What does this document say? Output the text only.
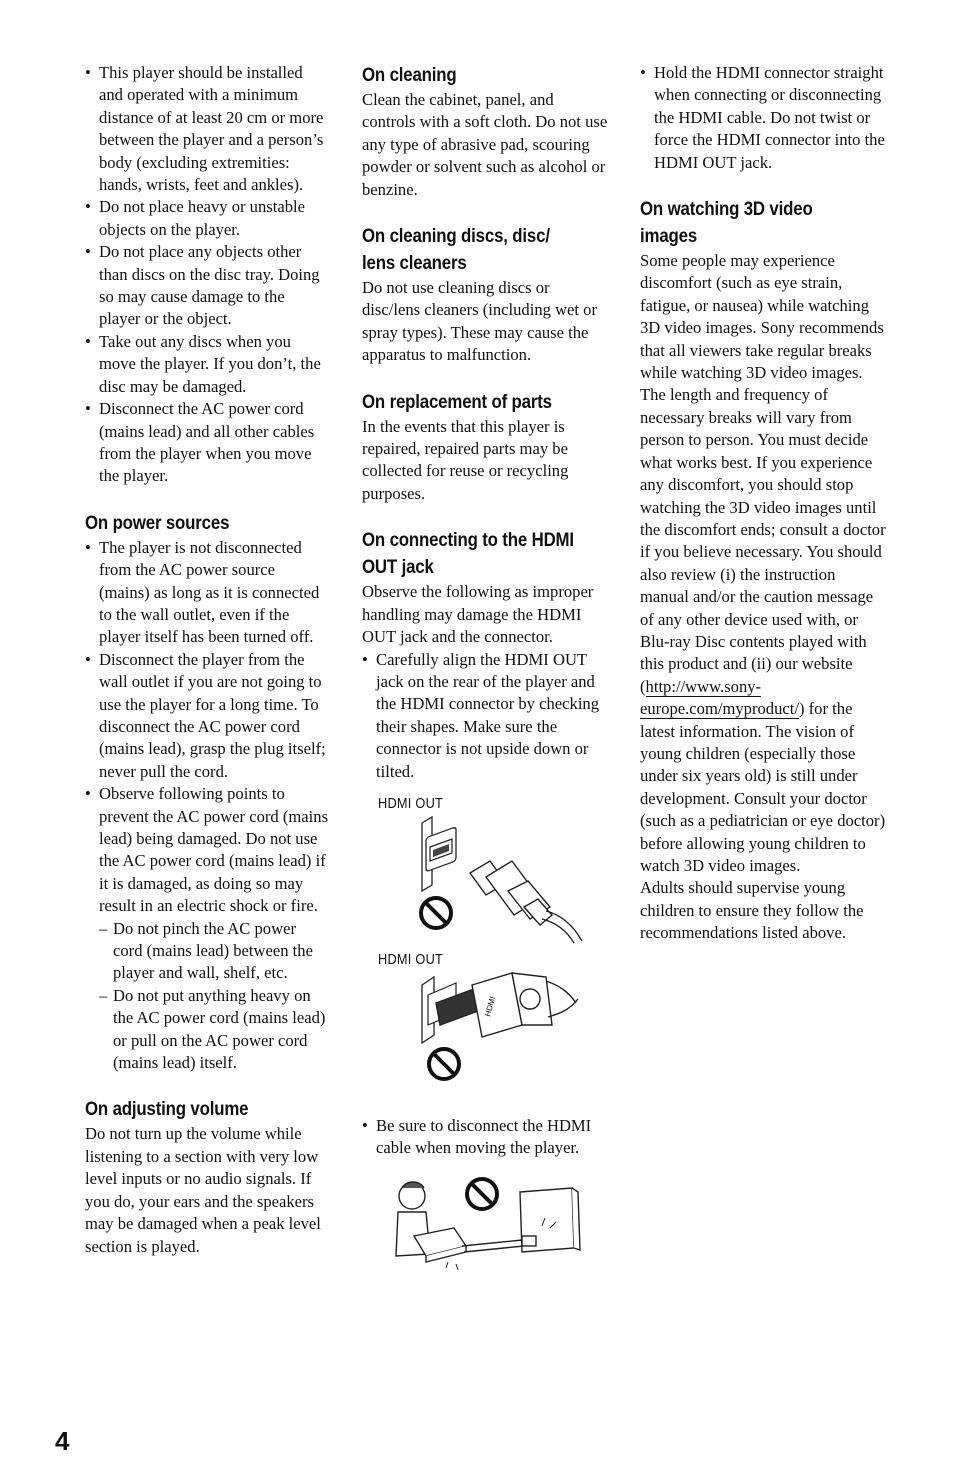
• This player should be installed and operated with a minimum distance of at least 20 cm or more between the player and a person’s body (excluding extremities: hands, wrists, feet and ankles).
• Do not place heavy or unstable objects on the player.
• Do not place any objects other than discs on the disc tray. Doing so may cause damage to the player or the object.
• Take out any discs when you move the player. If you don’t, the disc may be damaged.
• Disconnect the AC power cord (mains lead) and all other cables from the player when you move the player.
On power sources
• The player is not disconnected from the AC power source (mains) as long as it is connected to the wall outlet, even if the player itself has been turned off.
• Disconnect the player from the wall outlet if you are not going to use the player for a long time. To disconnect the AC power cord (mains lead), grasp the plug itself; never pull the cord.
• Observe following points to prevent the AC power cord (mains lead) being damaged. Do not use the AC power cord (mains lead) if it is damaged, as doing so may result in an electric shock or fire.
– Do not pinch the AC power cord (mains lead) between the player and wall, shelf, etc.
– Do not put anything heavy on the AC power cord (mains lead) or pull on the AC power cord (mains lead) itself.
On adjusting volume

Do not turn up the volume while listening to a section with very low level inputs or no audio signals. If you do, your ears and the speakers may be damaged when a peak level section is played.

On cleaning

Clean the cabinet, panel, and controls with a soft cloth. Do not use any type of abrasive pad, scouring powder or solvent such as alcohol or benzine.

On cleaning discs, disc/
lens cleaners

Do not use cleaning discs or disc/lens cleaners (including wet or spray types). These may cause the apparatus to malfunction.

On replacement of parts

In the events that this player is repaired, repaired parts may be collected for reuse or recycling purposes.

On connecting to the HDMI
OUT jack

Observe the following as improper handling may damage the HDMI OUT jack and the connector.

• Carefully align the HDMI OUT jack on the rear of the player and the HDMI connector by checking their shapes. Make sure the connector is not upside down or tilted.
HDMI OUT
HDMI OUT
HDMI
• Be sure to disconnect the HDMI cable when moving the player.
• Hold the HDMI connector straight when connecting or disconnecting the HDMI cable. Do not twist or force the HDMI connector into the HDMI OUT jack.
On watching 3D video
images

Some people may experience discomfort (such as eye strain, fatigue, or nausea) while watching 3D video images. Sony recommends that all viewers take regular breaks while watching 3D video images. The length and frequency of necessary breaks will vary from person to person. You must decide what works best. If you experience any discomfort, you should stop watching the 3D video images until the discomfort ends; consult a doctor if you believe necessary. You should also review (i) the instruction manual and/or the caution message of any other device used with, or Blu-ray Disc contents played with this product and (ii) our website (http://www.sony-europe.com/myproduct/) for the latest information. The vision of young children (especially those under six years old) is still under development. Consult your doctor (such as a pediatrician or eye doctor) before allowing young children to watch 3D video images.

Adults should supervise young children to ensure they follow the recommendations listed above.

4
